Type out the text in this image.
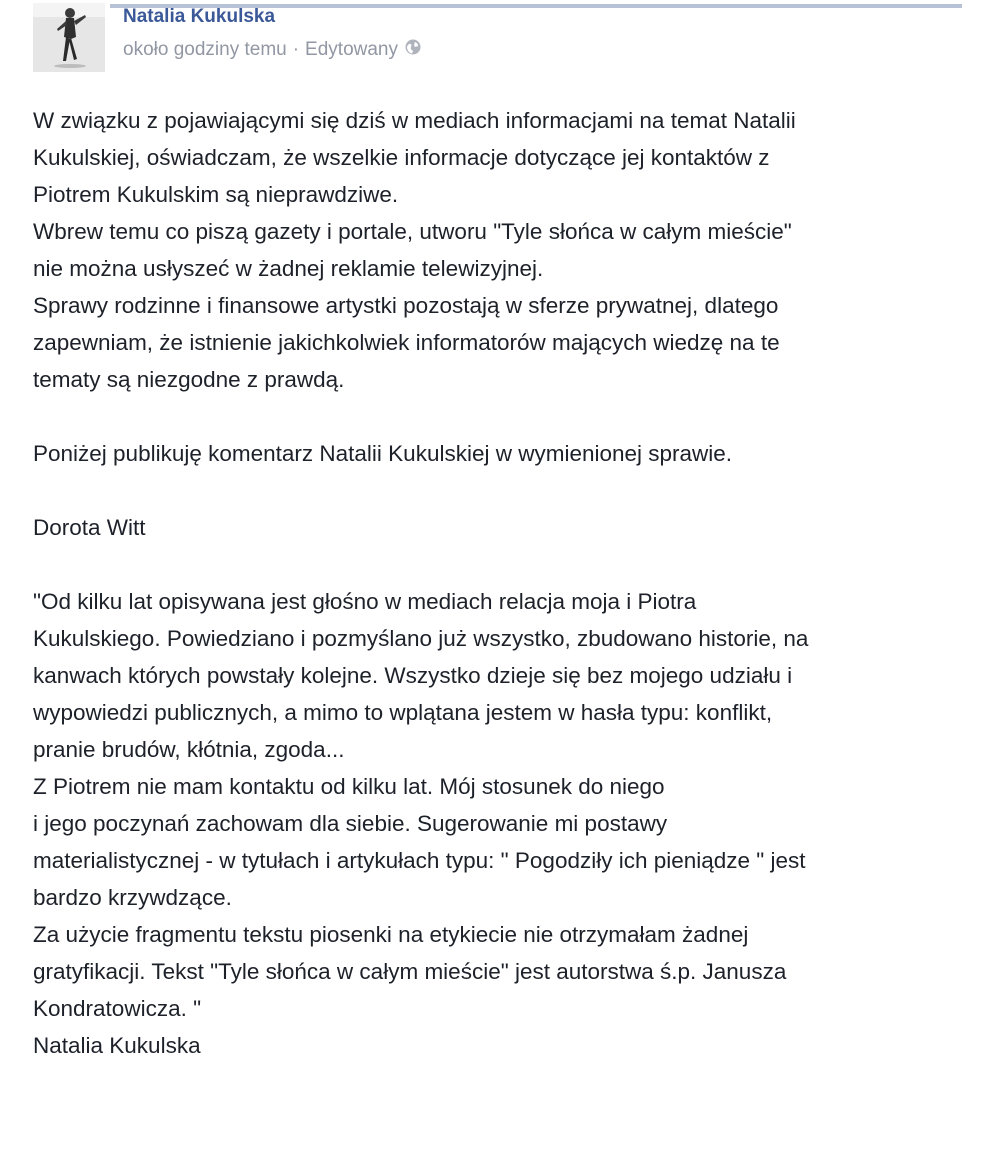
Natalia Kukulska
około godziny temu · Edytowany
W związku z pojawiającymi się dziś w mediach informacjami na temat Natalii
Kukulskiej, oświadczam, że wszelkie informacje dotyczące jej kontaktów z
Piotrem Kukulskim są nieprawdziwe.
Wbrew temu co piszą gazety i portale, utworu "Tyle słońca w całym mieście"
nie można usłyszeć w żadnej reklamie telewizyjnej.
Sprawy rodzinne i finansowe artystki pozostają w sferze prywatnej, dlatego
zapewniam, że istnienie jakichkolwiek informatorów mających wiedzę na te
tematy są niezgodne z prawdą.
Poniżej publikuję komentarz Natalii Kukulskiej w wymienionej sprawie.
Dorota Witt
"Od kilku lat opisywana jest głośno w mediach relacja moja i Piotra
Kukulskiego. Powiedziano i pozmyślano już wszystko, zbudowano historie, na
kanwach których powstały kolejne. Wszystko dzieje się bez mojego udziału i
wypowiedzi publicznych, a mimo to wplątana jestem w hasła typu: konflikt,
pranie brudów, kłótnia, zgoda...
Z Piotrem nie mam kontaktu od kilku lat. Mój stosunek do niego
i jego poczynań zachowam dla siebie. Sugerowanie mi postawy
materialistycznej - w tytułach i artykułach typu: " Pogodziły ich pieniądze " jest
bardzo krzywdzące.
Za użycie fragmentu tekstu piosenki na etykiecie nie otrzymałam żadnej
gratyfikacji. Tekst "Tyle słońca w całym mieście" jest autorstwa ś.p. Janusza
Kondratowicza. "
Natalia Kukulska
